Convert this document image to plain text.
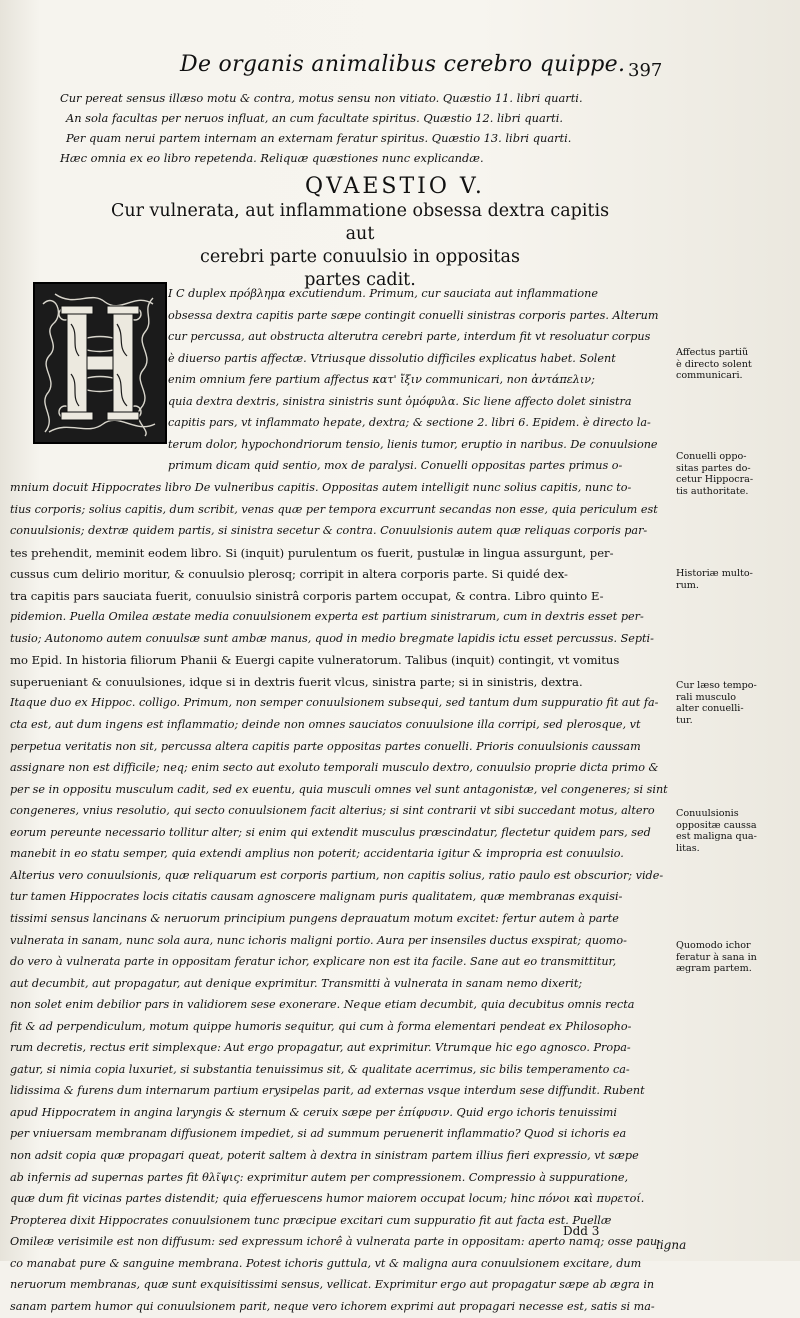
De organis animalibus cerebro quippe. 397
Cur pereat sensus illæso motu & contra, motus sensu non vitiato. Quæstio 11. libri quarti.
An sola facultas per neruos influat, an cum facultate spiritus. Quæstio 12. libri quarti.
Per quam nerui partem internam an externam feratur spiritus. Quæstio 13. libri quarti.
Hæc omnia ex eo libro repetenda. Reliquæ quæstiones nunc explicandæ.
QVAESTIO V.
Cur vulnerata, aut inflammatione obsessa dextra capitis aut
cerebri parte conuulsio in oppositas
partes cadit.
I C duplex πρόβλημα excutiendum. Primum, cur sauciata aut inflammatione
obsessa dextra capitis parte sæpe contingit conuelli sinistras corporis partes. Alterum
cur percussa, aut obstructa alterutra cerebri parte, interdum fit vt resoluatur corpus
è diuerso partis affectæ. Vtriusque dissolutio difficiles explicatus habet. Solent
enim omnium fere partium affectus κατ' ἴξιν communicari, non ἀντάπελιν;
quia dextra dextris, sinistra sinistris sunt ὁμόφυλα. Sic liene affecto dolet sinistra
capitis pars, vt inflammato hepate, dextra; & sectione 2. libri 6. Epidem. è directo la-
terum dolor, hypochondriorum tensio, lienis tumor, eruptio in naribus. De conuulsione
primum dicam quid sentio, mox de paralysi. Conuelli oppositas partes primus o-
mnium docuit Hippocrates libro De vulneribus capitis. Oppositas autem intelligit nunc solius capitis, nunc to-
tius corporis; solius capitis, dum scribit, venas quæ per tempora excurrunt secandas non esse, quia periculum est
conuulsionis; dextræ quidem partis, si sinistra secetur & contra. Conuulsionis autem quæ reliquas corporis par-
tes prehendit, meminit eodem libro. Si (inquit) purulentum os fuerit, pustulæ in lingua assurgunt, per-
cussus cum delirio moritur, & conuulsio plerosq; corripit in altera corporis parte. Si quidé dex-
tra capitis pars sauciata fuerit, conuulsio sinistrâ corporis partem occupat, & contra. Libro quinto E-
pidemion. Puella Omilea æstate media conuulsionem experta est partium sinistrarum, cum in dextris esset per-
tusio; Autonomo autem conuulsæ sunt ambæ manus, quod in medio bregmate lapidis ictu esset percussus. Septi-
mo Epid. In historia filiorum Phanii & Euergi capite vulneratorum. Talibus (inquit) contingit, vt vomitus
superueniant & conuulsiones, idque si in dextris fuerit vlcus, sinistra parte; si in sinistris, dextra.
Itaque duo ex Hippoc. colligo. Primum, non semper conuulsionem subsequi, sed tantum dum suppuratio fit aut fa-
cta est, aut dum ingens est inflammatio; deinde non omnes sauciatos conuulsione illa corripi, sed plerosque, vt
perpetua veritatis non sit, percussa altera capitis parte oppositas partes conuelli. Prioris conuulsionis caussam
assignare non est difficile; neq; enim secto aut exoluto temporali musculo dextro, conuulsio proprie dicta primo &
per se in oppositu musculum cadit, sed ex euentu, quia musculi omnes vel sunt antagonistæ, vel congeneres; si sint
congeneres, vnius resolutio, qui secto conuulsionem facit alterius; si sint contrarii vt sibi succedant motus, altero
eorum pereunte necessario tollitur alter; si enim qui extendit musculus præscindatur, flectetur quidem pars, sed
manebit in eo statu semper, quia extendi amplius non poterit; accidentaria igitur & impropria est conuulsio.
Alterius vero conuulsionis, quæ reliquarum est corporis partium, non capitis solius, ratio paulo est obscurior; vide-
tur tamen Hippocrates locis citatis causam agnoscere malignam puris qualitatem, quæ membranas exquisi-
tissimi sensus lancinans & neruorum principium pungens deprauatum motum excitet: fertur autem à parte
vulnerata in sanam, nunc sola aura, nunc ichoris maligni portio. Aura per insensiles ductus exspirat; quomo-
do vero à vulnerata parte in oppositam feratur ichor, explicare non est ita facile. Sane aut eo transmittitur,
aut decumbit, aut propagatur, aut denique exprimitur. Transmitti à vulnerata in sanam nemo dixerit;
non solet enim debilior pars in validiorem sese exonerare. Neque etiam decumbit, quia decubitus omnis recta
fit & ad perpendiculum, motum quippe humoris sequitur, qui cum à forma elementari pendeat ex Philosopho-
rum decretis, rectus erit simplexque: Aut ergo propagatur, aut exprimitur. Vtrumque hic ego agnosco. Propa-
gatur, si nimia copia luxuriet, si substantia tenuissimus sit, & qualitate acerrimus, sic bilis temperamento ca-
lidissima & furens dum internarum partium erysipelas parit, ad externas vsque interdum sese diffundit. Rubent
apud Hippocratem in angina laryngis & sternum & ceruix sæpe per ἐπίφυσιν. Quid ergo ichoris tenuissimi
per vniuersam membranam diffusionem impediet, si ad summum peruenerit inflammatio? Quod si ichoris ea
non adsit copia quæ propagari queat, poterit saltem à dextra in sinistram partem illius fieri expressio, vt sæpe
ab infernis ad supernas partes fit θλῖψις: exprimitur autem per compressionem. Compressio à suppuratione,
quæ dum fit vicinas partes distendit; quia efferuescens humor maiorem occupat locum; hinc πόνοι καὶ πυρετοί.
Propterea dixit Hippocrates conuulsionem tunc præcipue excitari cum suppuratio fit aut facta est. Puellæ
Omileæ verisimile est non diffusum: sed expressum ichorê à vulnerata parte in oppositam: aperto namq; osse pau-
co manabat pure & sanguine membrana. Potest ichoris guttula, vt & maligna aura conuulsionem excitare, dum
neruorum membranas, quæ sunt exquisitissimi sensus, vellicat. Exprimitur ergo aut propagatur sæpe ab ægra in
sanam partem humor qui conuulsionem parit, neque vero ichorem exprimi aut propagari necesse est, satis si ma-
Affectus partiũ
è directo solent
communicari.
Conuelli oppo-
sitas partes do-
cetur Hippocra-
tis authoritate.
Historiæ multo-
rum.
Cur læso tempo-
rali musculo
alter conuelli-
tur.
Conuulsionis
oppositæ caussa
est maligna qua-
litas.
Quomodo ichor
feratur à sana in
ægram partem.
Ddd 3
ligna
